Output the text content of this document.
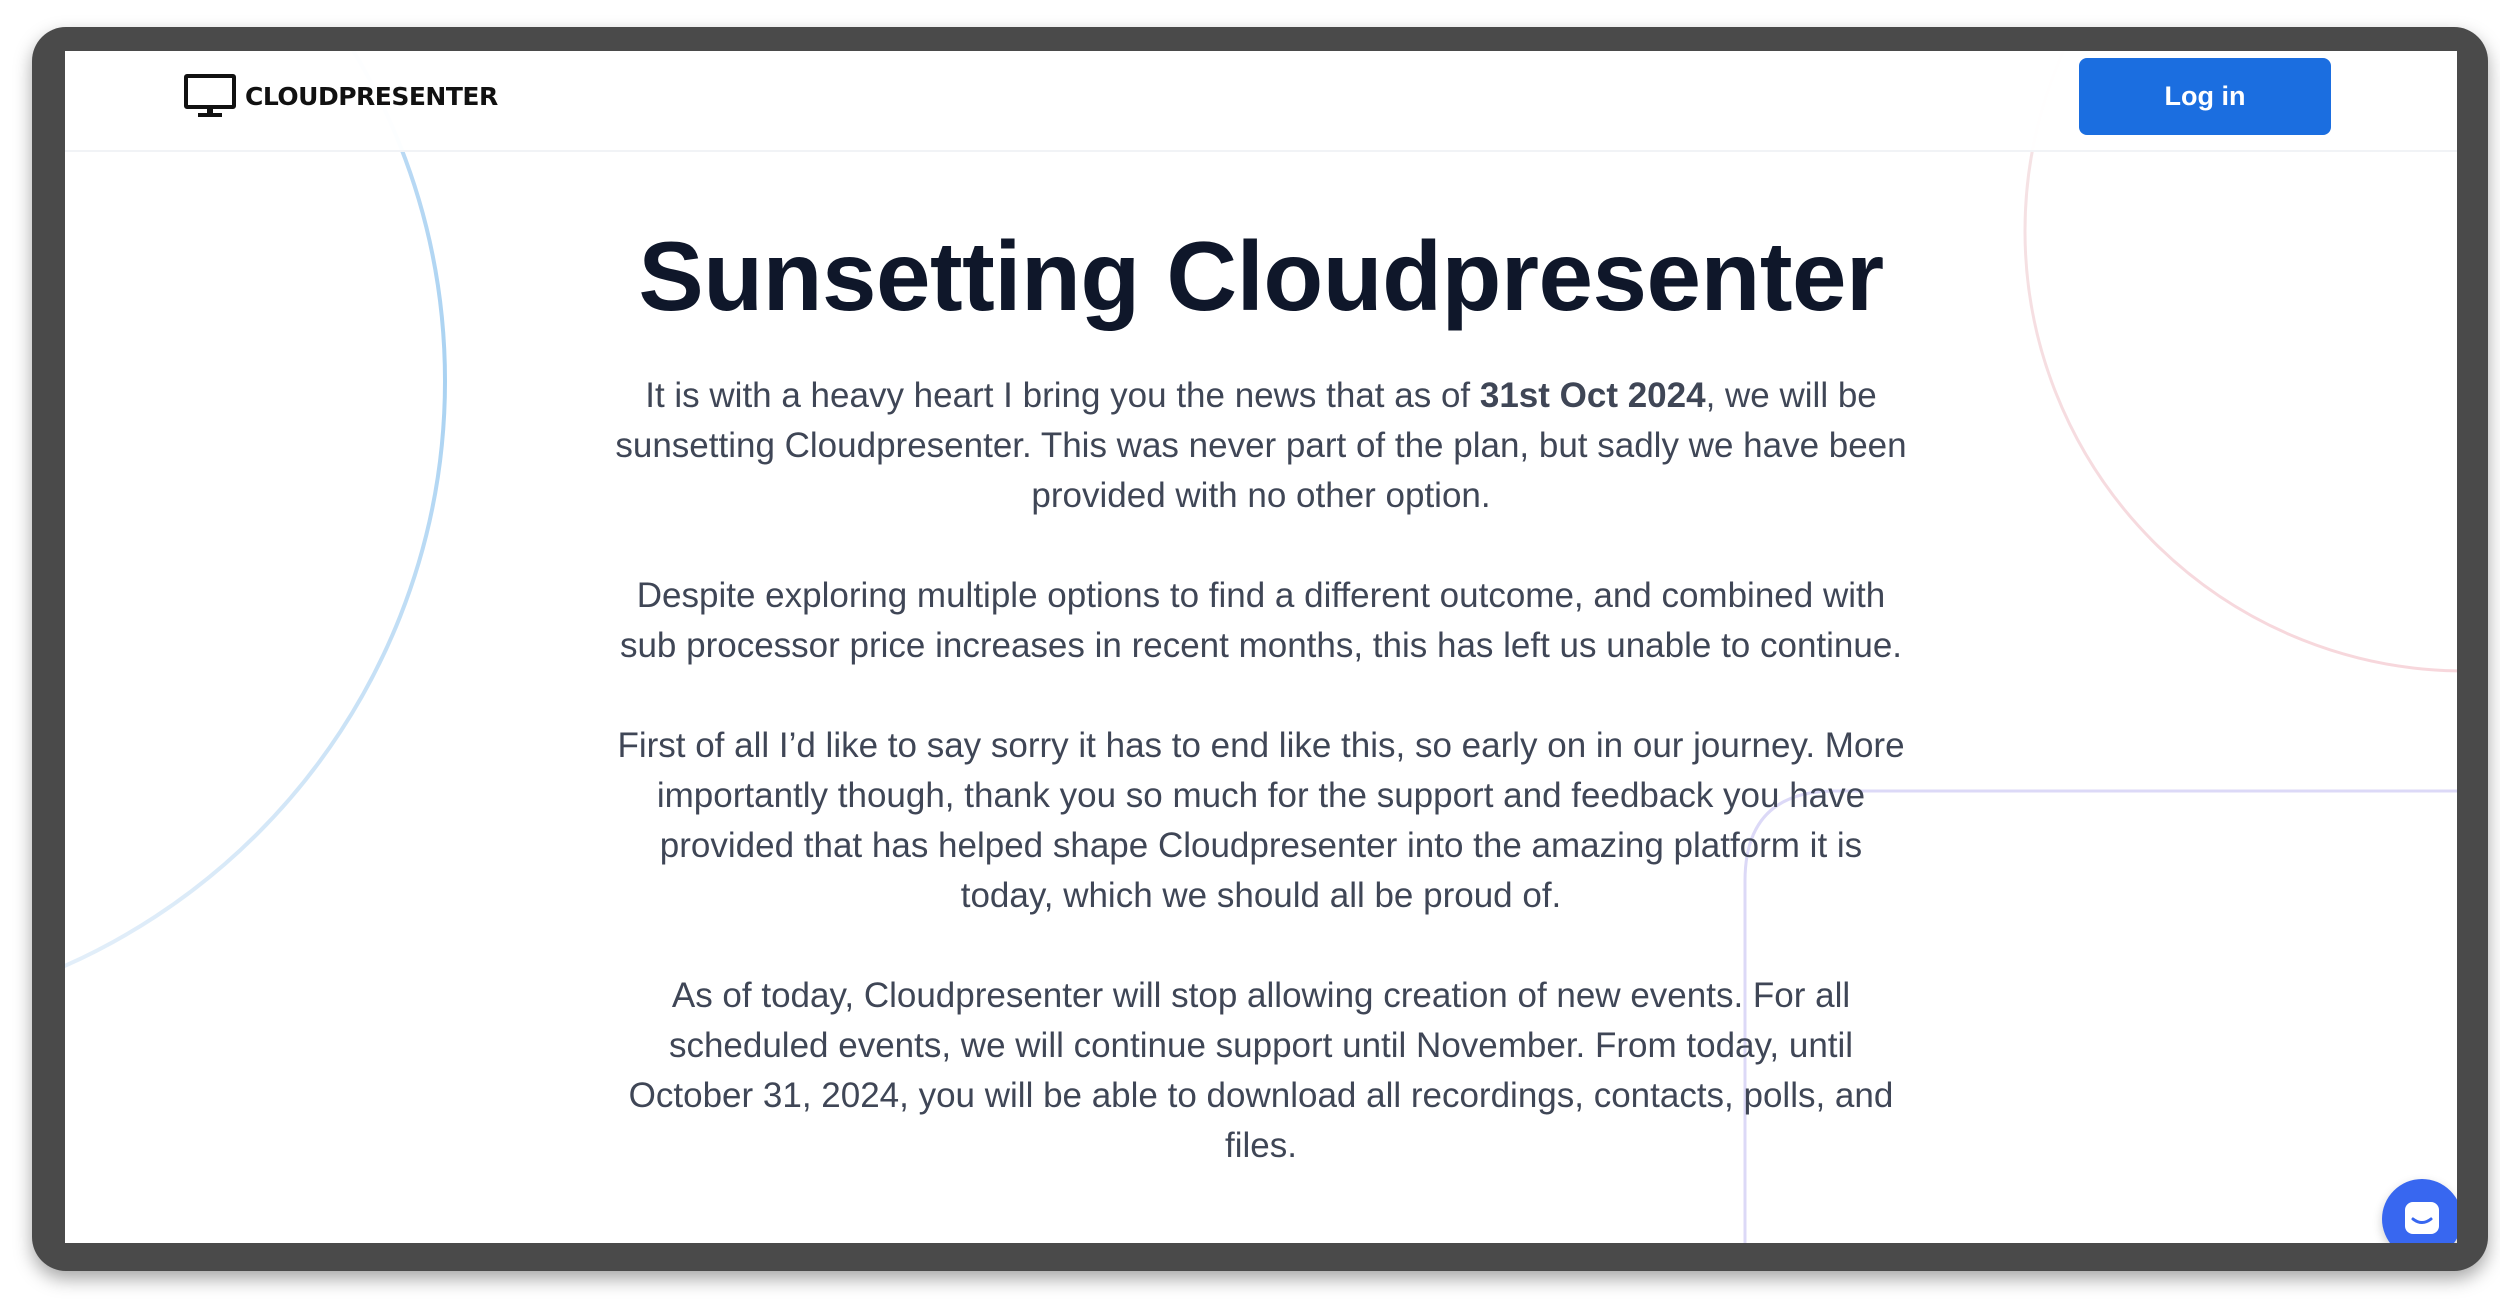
CLOUDPRESENTER	Log in
Sunsetting Cloudpresenter

It is with a heavy heart I bring you the news that as of 31st Oct 2024, we will be sunsetting Cloudpresenter. This was never part of the plan, but sadly we have been provided with no other option.

Despite exploring multiple options to find a different outcome, and combined with sub processor price increases in recent months, this has left us unable to continue.

First of all I’d like to say sorry it has to end like this, so early on in our journey. More importantly though, thank you so much for the support and feedback you have provided that has helped shape Cloudpresenter into the amazing platform it is today, which we should all be proud of.

As of today, Cloudpresenter will stop allowing creation of new events. For all scheduled events, we will continue support until November. From today, until October 31, 2024, you will be able to download all recordings, contacts, polls, and files.
